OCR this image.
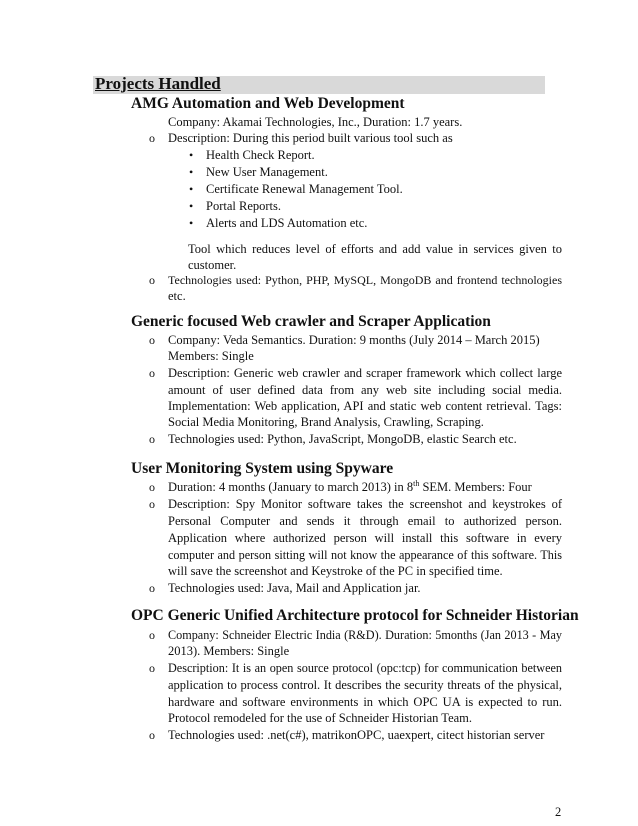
Projects Handled
AMG Automation and Web Development
Company: Akamai Technologies, Inc., Duration: 1.7 years.
o Description: During this period built various tool such as
• Health Check Report.
• New User Management.
• Certificate Renewal Management Tool.
• Portal Reports.
• Alerts and LDS Automation etc.
Tool which reduces level of efforts and add value in services given to
customer.
o Technologies used: Python, PHP, MySQL, MongoDB and frontend technologies
etc.
Generic focused Web crawler and Scraper Application
o Company: Veda Semantics. Duration: 9 months (July 2014 – March 2015)
Members: Single
o Description: Generic web crawler and scraper framework which collect large
amount of user defined data from any web site including social media.
Implementation: Web application, API and static web content retrieval. Tags:
Social Media Monitoring, Brand Analysis, Crawling, Scraping.
o Technologies used: Python, JavaScript, MongoDB, elastic Search etc.
User Monitoring System using Spyware
o Duration: 4 months (January to march 2013) in 8th SEM. Members: Four
o Description: Spy Monitor software takes the screenshot and keystrokes of
Personal Computer and sends it through email to authorized person.
Application where authorized person will install this software in every
computer and person sitting will not know the appearance of this software. This
will save the screenshot and Keystroke of the PC in specified time.
o Technologies used: Java, Mail and Application jar.
OPC Generic Unified Architecture protocol for Schneider Historian
o Company: Schneider Electric India (R&D). Duration: 5months (Jan 2013 - May
2013). Members: Single
o Description: It is an open source protocol (opc:tcp) for communication between
application to process control. It describes the security threats of the physical,
hardware and software environments in which OPC UA is expected to run.
Protocol remodeled for the use of Schneider Historian Team.
o Technologies used: .net(c#), matrikonOPC, uaexpert, citect historian server
2
